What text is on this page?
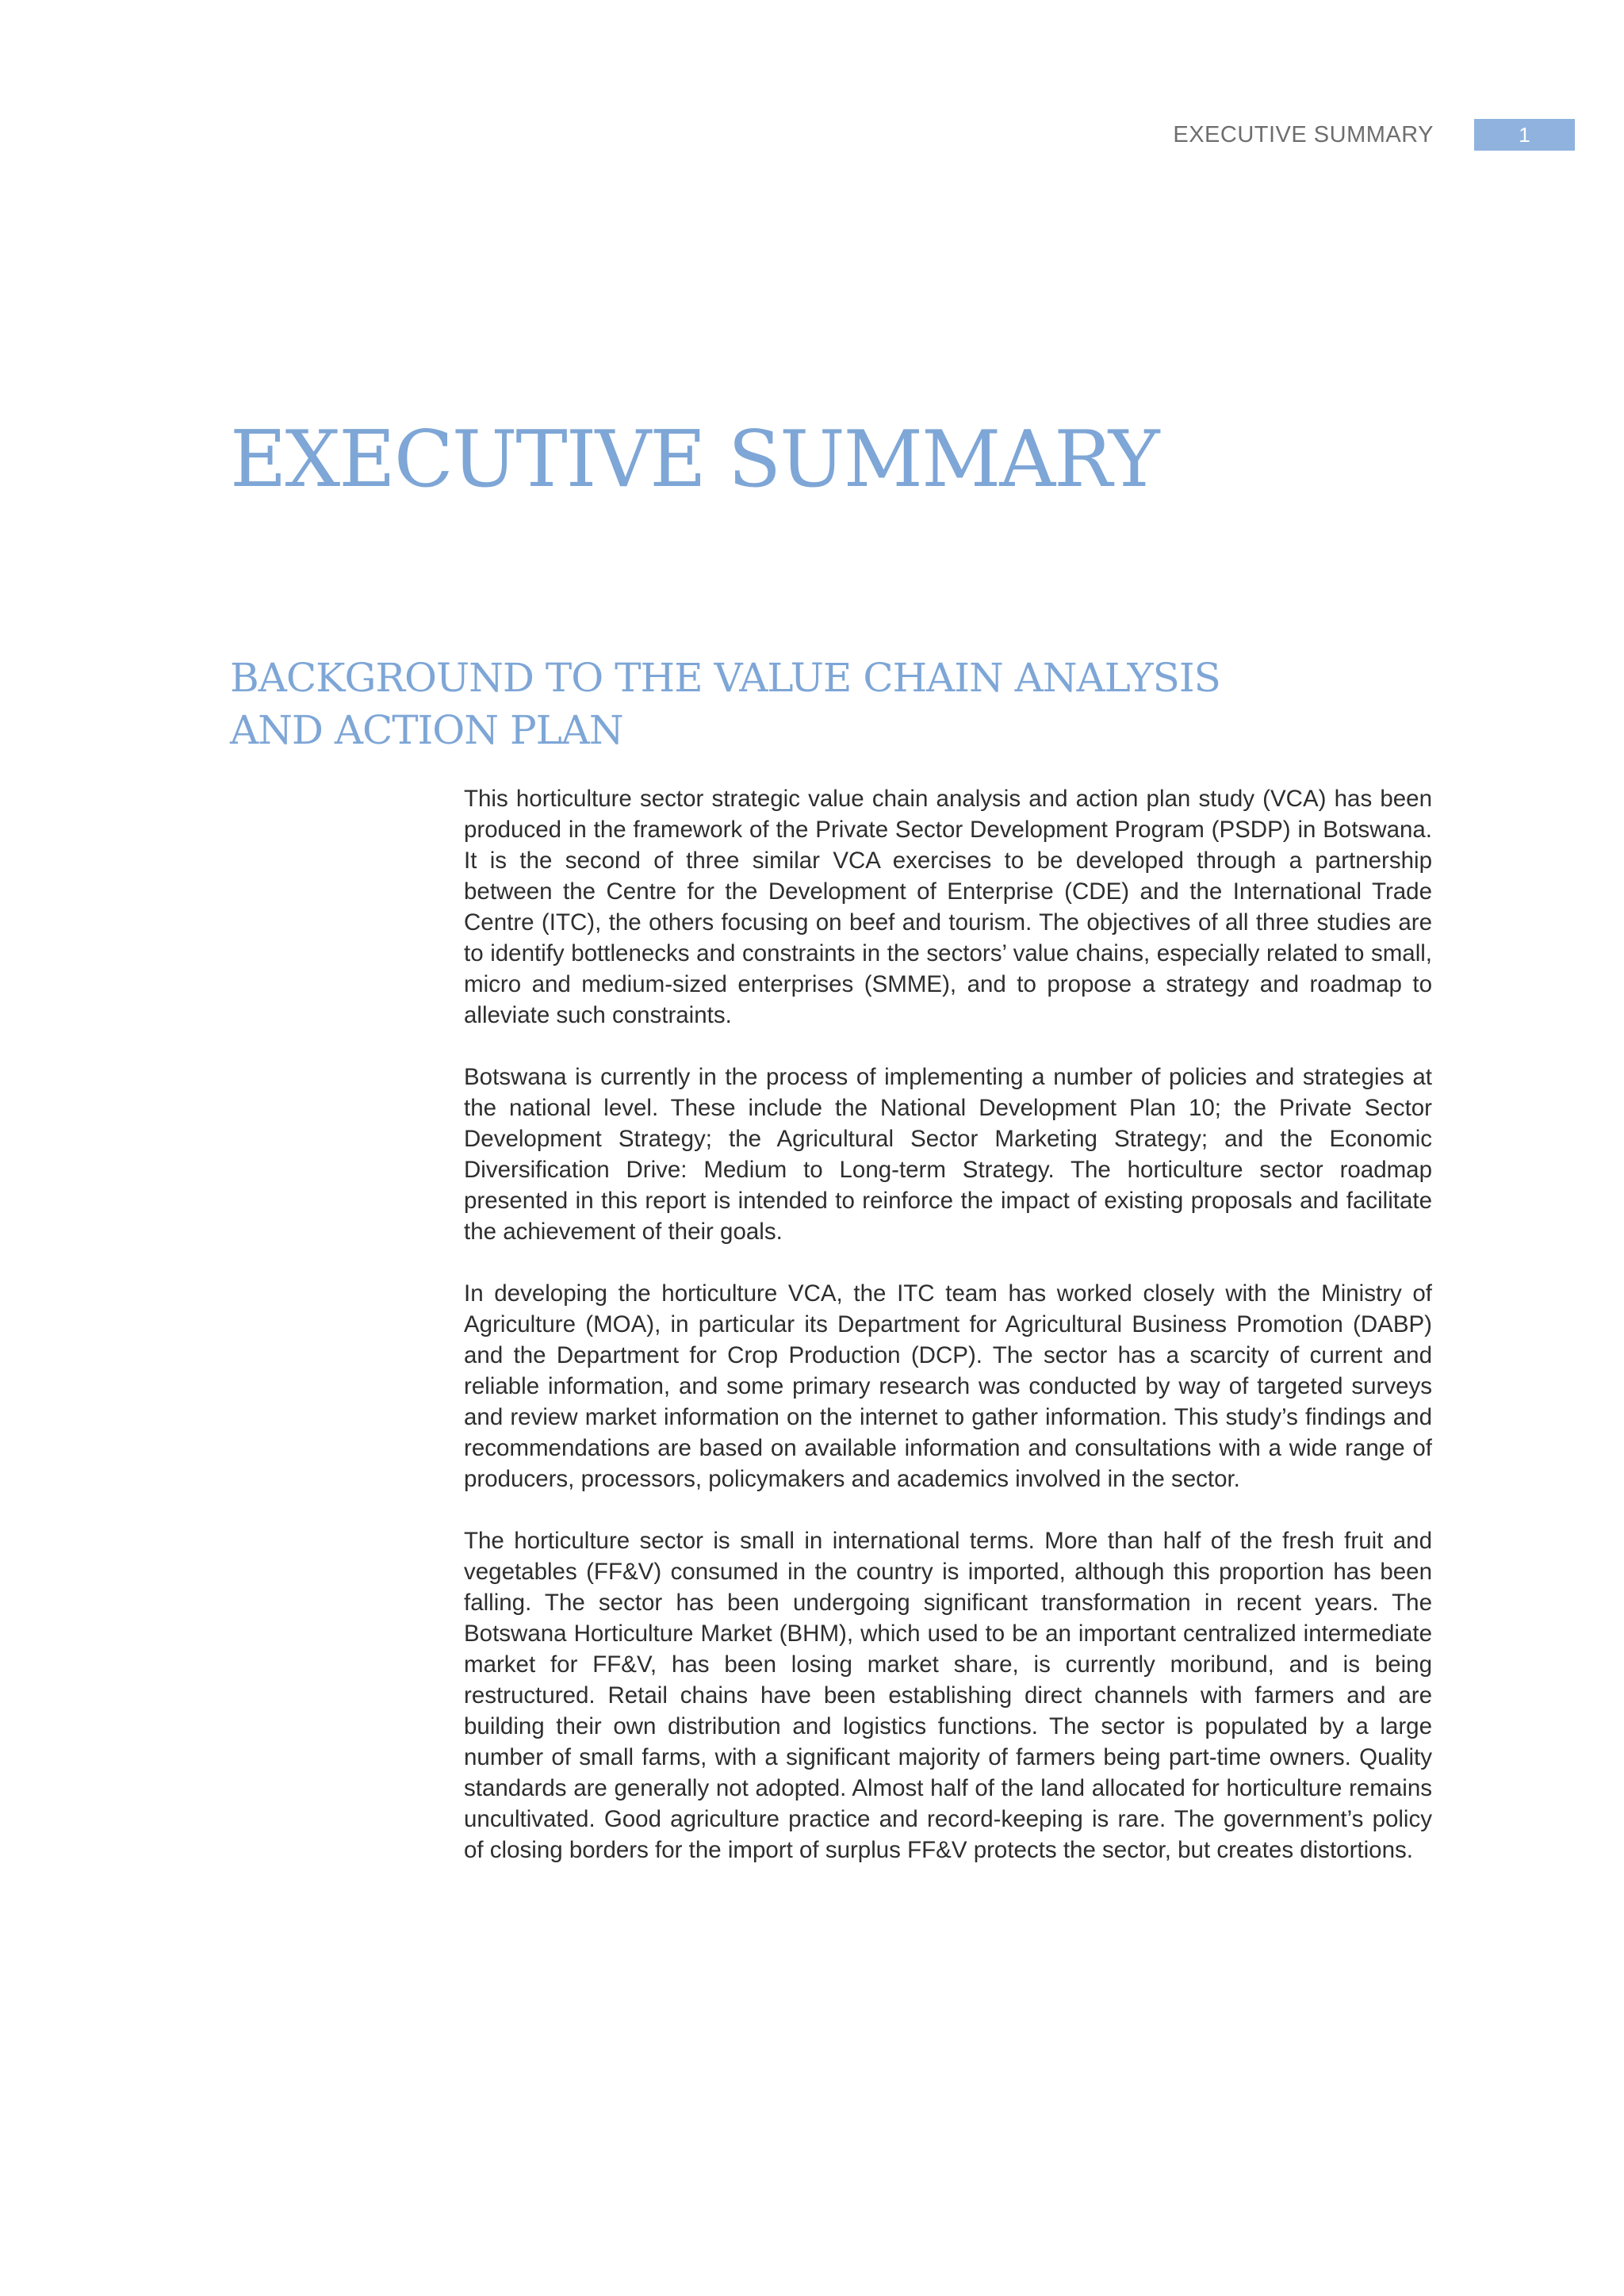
EXECUTIVE SUMMARY	1
EXECUTIVE SUMMARY
BACKGROUND TO THE VALUE CHAIN ANALYSIS
AND ACTION PLAN

This horticulture sector strategic value chain analysis and action plan study (VCA) has been produced in the framework of the Private Sector Development Program (PSDP) in Botswana. It is the second of three similar VCA exercises to be developed through a partnership between the Centre for the Development of Enterprise (CDE) and the International Trade Centre (ITC), the others focusing on beef and tourism. The objectives of all three studies are to identify bottlenecks and constraints in the sectors’ value chains, especially related to small, micro and medium-sized enterprises (SMME), and to propose a strategy and roadmap to alleviate such constraints.

Botswana is currently in the process of implementing a number of policies and strategies at the national level. These include the National Development Plan 10; the Private Sector Development Strategy; the Agricultural Sector Marketing Strategy; and the Economic Diversification Drive: Medium to Long-term Strategy. The horticulture sector roadmap presented in this report is intended to reinforce the impact of existing proposals and facilitate the achievement of their goals.

In developing the horticulture VCA, the ITC team has worked closely with the Ministry of Agriculture (MOA), in particular its Department for Agricultural Business Promotion (DABP) and the Department for Crop Production (DCP). The sector has a scarcity of current and reliable information, and some primary research was conducted by way of targeted surveys and review market information on the internet to gather information. This study’s findings and recommendations are based on available information and consultations with a wide range of producers, processors, policymakers and academics involved in the sector.

The horticulture sector is small in international terms. More than half of the fresh fruit and vegetables (FF&V) consumed in the country is imported, although this proportion has been falling. The sector has been undergoing significant transformation in recent years. The Botswana Horticulture Market (BHM), which used to be an important centralized intermediate market for FF&V, has been losing market share, is currently moribund, and is being restructured. Retail chains have been establishing direct channels with farmers and are building their own distribution and logistics functions. The sector is populated by a large number of small farms, with a significant majority of farmers being part-time owners. Quality standards are generally not adopted. Almost half of the land allocated for horticulture remains uncultivated. Good agriculture practice and record-keeping is rare. The government’s policy of closing borders for the import of surplus FF&V protects the sector, but creates distortions.
